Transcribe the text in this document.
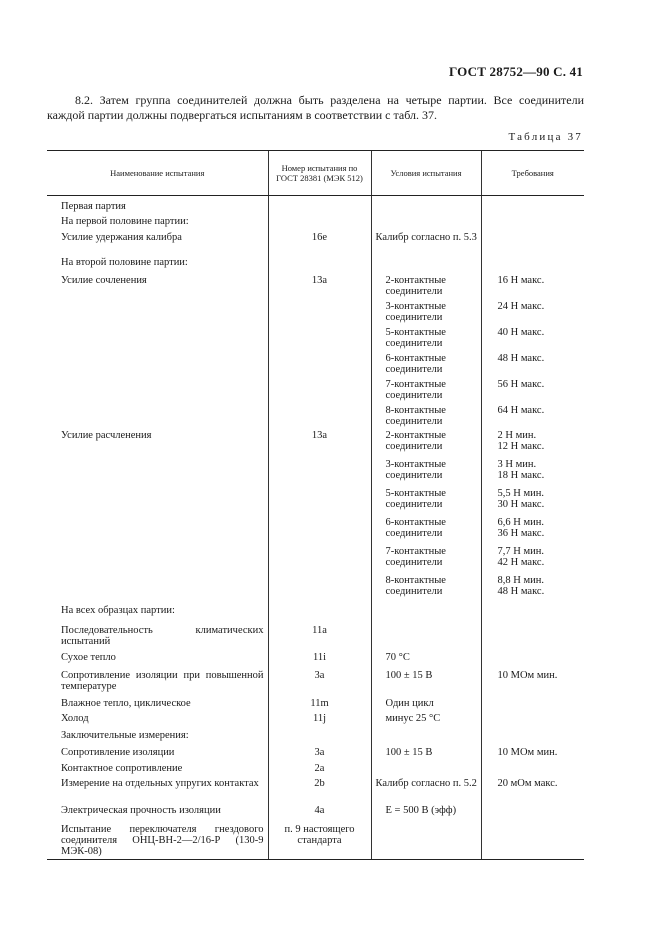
ГОСТ 28752—90 С. 41
8.2. Затем группа соединителей должна быть разделена на четыре партии. Все соединители каждой партии должны подвергаться испытаниям в соответствии с табл. 37.
Таблица 37
Наименование испытания	Номер испытания по ГОСТ 28381 (МЭК 512)	Условия испытания	Требования
Первая партия			
На первой половине партии:			
Усилие удержания калибра	16e	Калибр согласно п. 5.3	
На второй половине партии:			
Усилие сочленения	13a	2-контактные соединители	16 Н макс.

		3-контактные соединители	24 Н макс.

		5-контактные соединители	40 Н макс.

		6-контактные соединители	48 Н макс.

		7-контактные соединители	56 Н макс.

		8-контактные соединители	64 Н макс.
Усилие расчленения	13a	2-контактные соединители	2 Н мин.
12 Н макс.

		3-контактные соединители	3 Н мин.
18 Н макс.

		5-контактные соединители	5,5 Н мин.
30 Н макс.

		6-контактные соединители	6,6 Н мин.
36 Н макс.

		7-контактные соединители	7,7 Н мин.
42 Н макс.

		8-контактные соединители	8,8 Н мин.
48 Н макс.

На всех образцах партии:			
Последовательность климатических испытаний	11a		
Сухое тепло	11i	70 °С	

Сопротивление изоляции при повышенной температуре	3a	100 ± 15 В	10 МОм мин.
Влажное тепло, циклическое	11m	Один цикл	

Холод	11j	минус 25 °С	

Заключительные измерения:			
Сопротивление изоляции	3a	100 ± 15 В	10 МОм мин.
Контактное сопротивление	2a		
Измерение на отдельных упругих контактах	2b	Калибр согласно п. 5.2	20 мОм макс.
Электрическая прочность изоляции	4a	E = 500 В (эфф)	

Испытание переключателя гнездового соединителя ОНЦ-ВН-2—2/16-Р (130-9 МЭК-08)	п. 9 настоящего стандарта		
